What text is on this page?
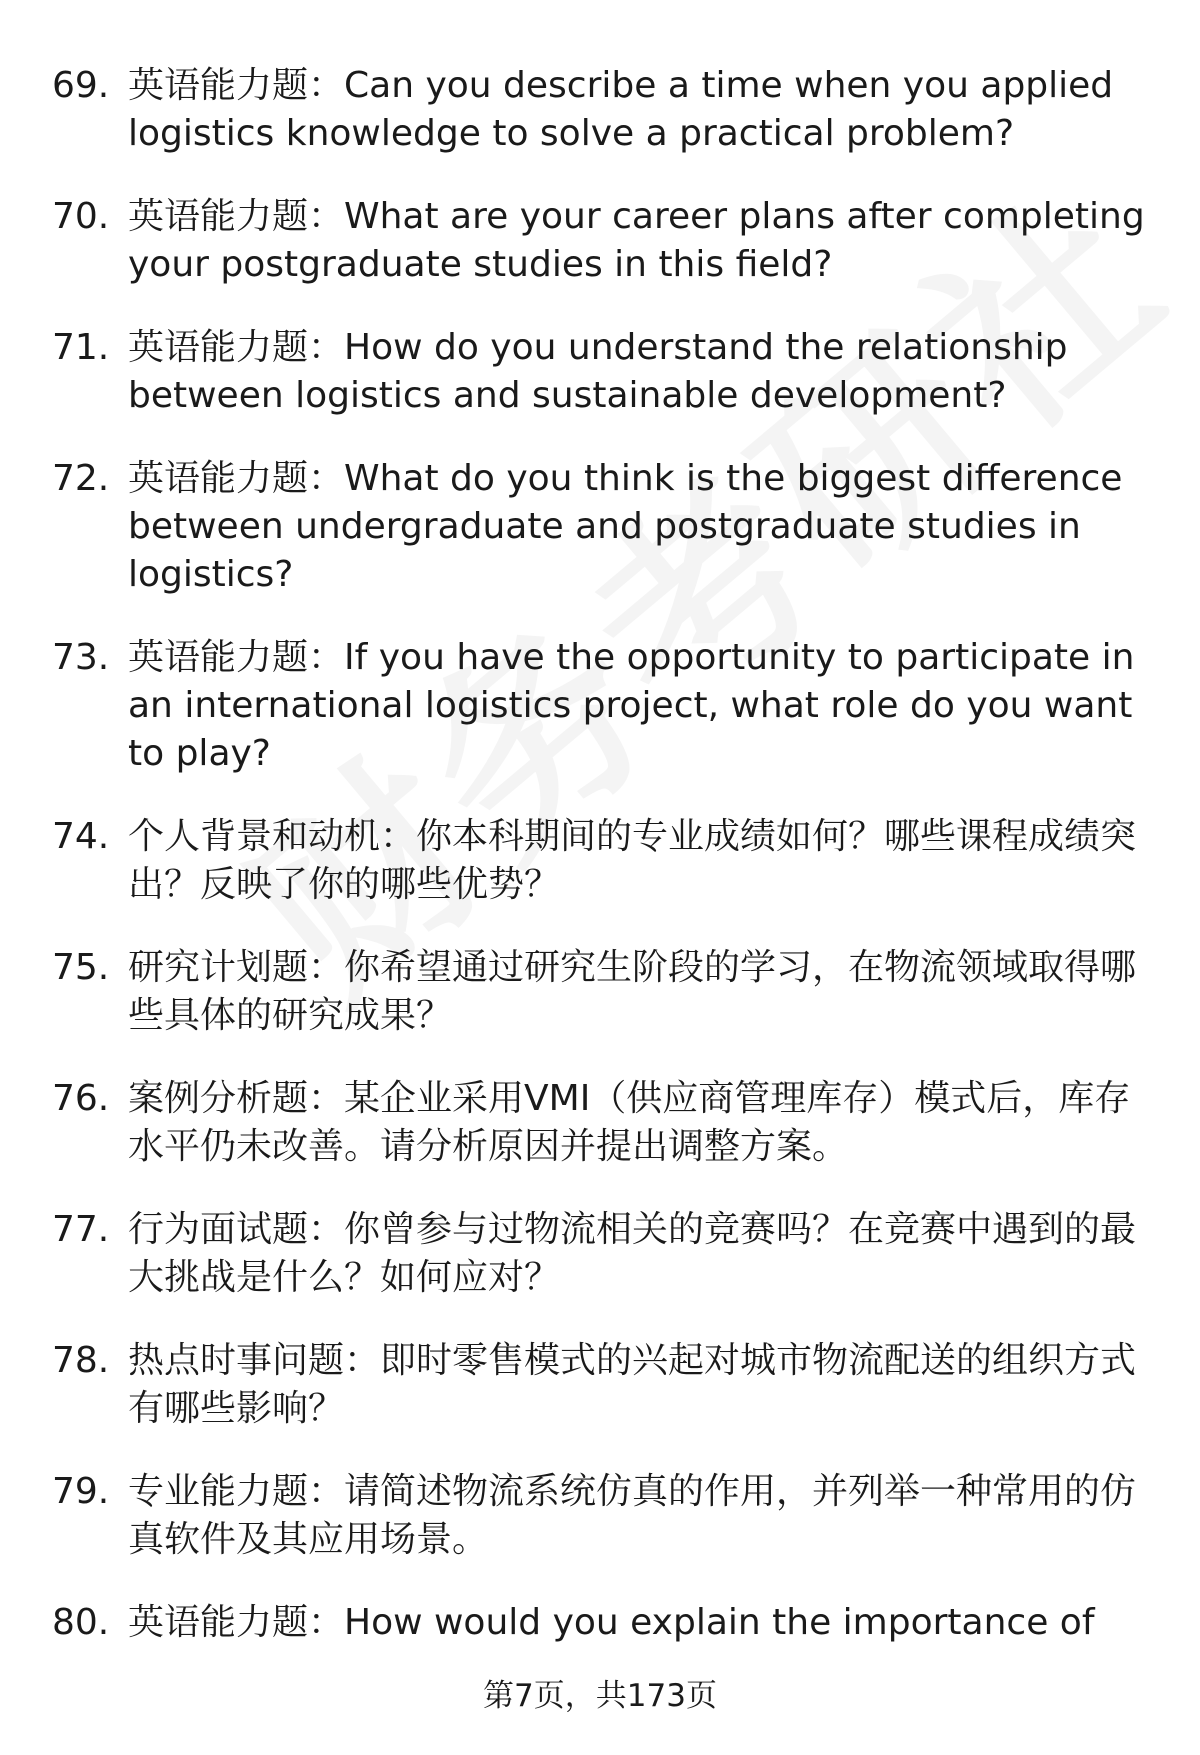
69. 英语能力题：Can you describe a time when you applied logistics knowledge to solve a practical problem?
70. 英语能力题：What are your career plans after completing your postgraduate studies in this field?
71. 英语能力题：How do you understand the relationship between logistics and sustainable development?
72. 英语能力题：What do you think is the biggest difference between undergraduate and postgraduate studies in logistics?
73. 英语能力题：If you have the opportunity to participate in an international logistics project, what role do you want to play?
74. 个人背景和动机：你本科期间的专业成绩如何？哪些课程成绩突出？反映了你的哪些优势？
75. 研究计划题：你希望通过研究生阶段的学习，在物流领域取得哪些具体的研究成果？
76. 案例分析题：某企业采用VMI（供应商管理库存）模式后，库存水平仍未改善。请分析原因并提出调整方案。
77. 行为面试题：你曾参与过物流相关的竞赛吗？在竞赛中遇到的最大挑战是什么？如何应对？
78. 热点时事问题：即时零售模式的兴起对城市物流配送的组织方式有哪些影响？
79. 专业能力题：请简述物流系统仿真的作用，并列举一种常用的仿真软件及其应用场景。
80. 英语能力题：How would you explain the importance of
第7页，共173页
